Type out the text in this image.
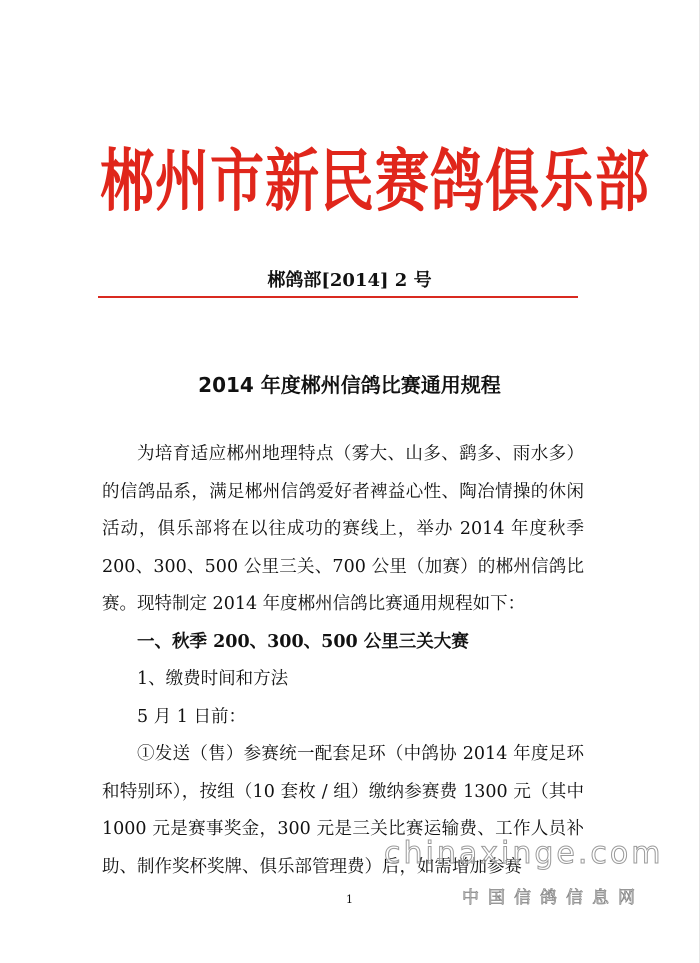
郴州市新民赛鸽俱乐部
郴鸽部[2014] 2 号
2014 年度郴州信鸽比赛通用规程

为培育适应郴州地理特点（雾大、山多、鹞多、雨水多）的信鸽品系，满足郴州信鸽爱好者裨益心性、陶冶情操的休闲活动，俱乐部将在以往成功的赛线上，举办 2014 年度秋季 200、300、500 公里三关、700 公里（加赛）的郴州信鸽比赛。现特制定 2014 年度郴州信鸽比赛通用规程如下：

一、秋季 200、300、500 公里三关大赛

1、缴费时间和方法

5 月 1 日前：

①发送（售）参赛统一配套足环（中鸽协 2014 年度足环和特别环），按组（10 套枚 / 组）缴纳参赛费 1300 元（其中 1000 元是赛事奖金，300 元是三关比赛运输费、工作人员补助、制作奖杯奖牌、俱乐部管理费）后，如需增加参赛

1
chinaxinge.com
中国信鸽信息网
